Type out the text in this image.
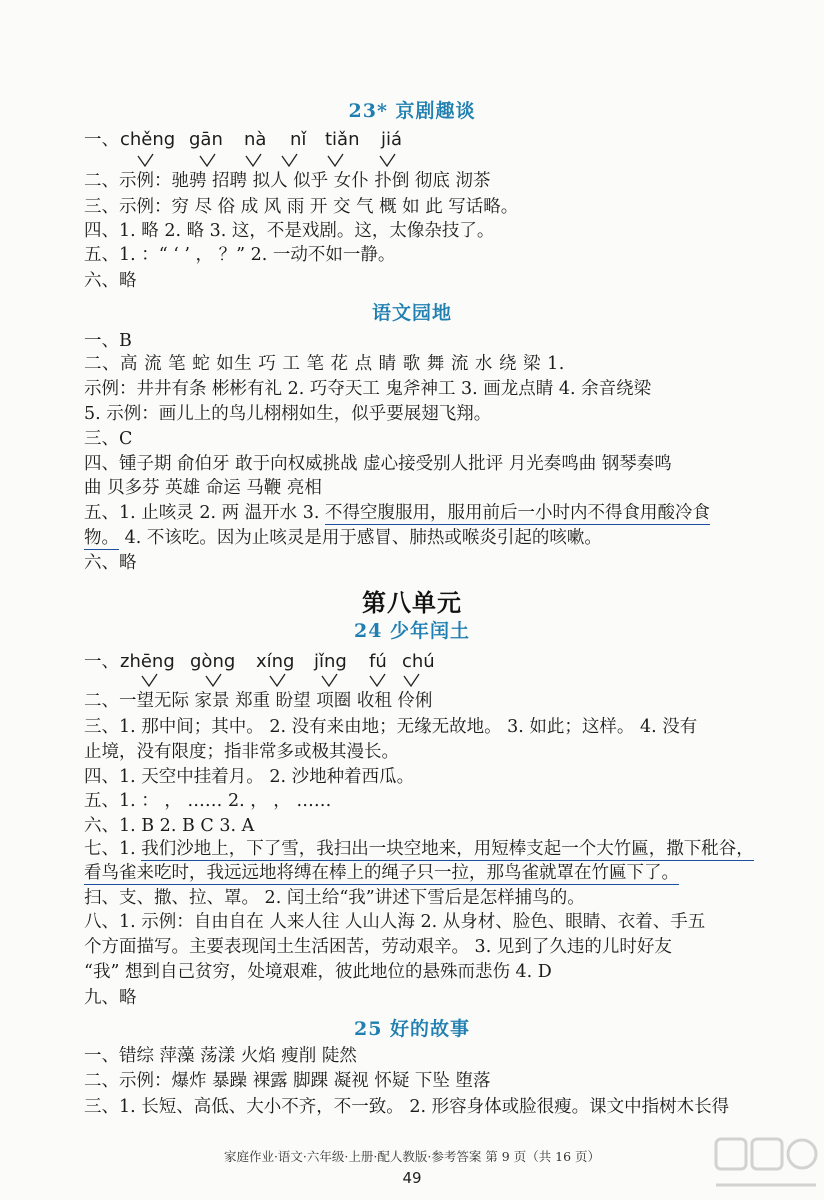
23* 京剧趣谈
一、 chěng gān nà nǐ tiǎn jiá
二、示例：驰骋 招聘 拟人 似乎 女仆 扑倒 彻底 沏茶
三、示例：穷 尽 俗 成 风 雨 开 交 气 概 如 此 写话略。
四、1. 略 2. 略 3. 这，不是戏剧。这，太像杂技了。
五、1. ：“ ‘ ’ ， ？” 2. 一动不如一静。
六、略
语文园地
一、B
二、高 流 笔 蛇 如生 巧 工 笔 花 点 睛 歌 舞 流 水 绕 梁 1.
示例：井井有条 彬彬有礼 2. 巧夺天工 鬼斧神工 3. 画龙点睛 4. 余音绕梁
5. 示例：画儿上的鸟儿栩栩如生，似乎要展翅飞翔。
三、C
四、锺子期 俞伯牙 敢于向权威挑战 虚心接受别人批评 月光奏鸣曲 钢琴奏鸣
曲 贝多芬 英雄 命运 马鞭 亮相
五、1. 止咳灵 2. 两 温开水 3. 不得空腹服用，服用前后一小时内不得食用酸冷食
物。 4. 不该吃。因为止咳灵是用于感冒、肺热或喉炎引起的咳嗽。
六、略
第八单元
24 少年闰土
一、 zhēng gòng xíng jǐng fú chú
二、一望无际 家景 郑重 盼望 项圈 收租 伶俐
三、1. 那中间；其中。 2. 没有来由地；无缘无故地。 3. 如此；这样。 4. 没有
止境，没有限度；指非常多或极其漫长。
四、1. 天空中挂着月。 2. 沙地种着西瓜。
五、1. ： ， …… 2. ， ， ……
六、1. B 2. B C 3. A
七、1. 我们沙地上，下了雪，我扫出一块空地来，用短棒支起一个大竹匾，撒下秕谷，
看鸟雀来吃时，我远远地将缚在棒上的绳子只一拉，那鸟雀就罩在竹匾下了。
扫、支、撒、拉、罩。 2. 闰土给“我”讲述下雪后是怎样捕鸟的。
八、1. 示例：自由自在 人来人往 人山人海 2. 从身材、脸色、眼睛、衣着、手五
个方面描写。主要表现闰土生活困苦，劳动艰辛。 3. 见到了久违的儿时好友
“我” 想到自己贫穷，处境艰难，彼此地位的悬殊而悲伤 4. D
九、略
25 好的故事
一、错综 萍藻 荡漾 火焰 瘦削 陡然
二、示例：爆炸 暴躁 裸露 脚踝 凝视 怀疑 下坠 堕落
三、1. 长短、高低、大小不齐，不一致。 2. 形容身体或脸很瘦。课文中指树木长得
家庭作业·语文·六年级·上册·配人教版·参考答案 第 9 页（共 16 页）
49
